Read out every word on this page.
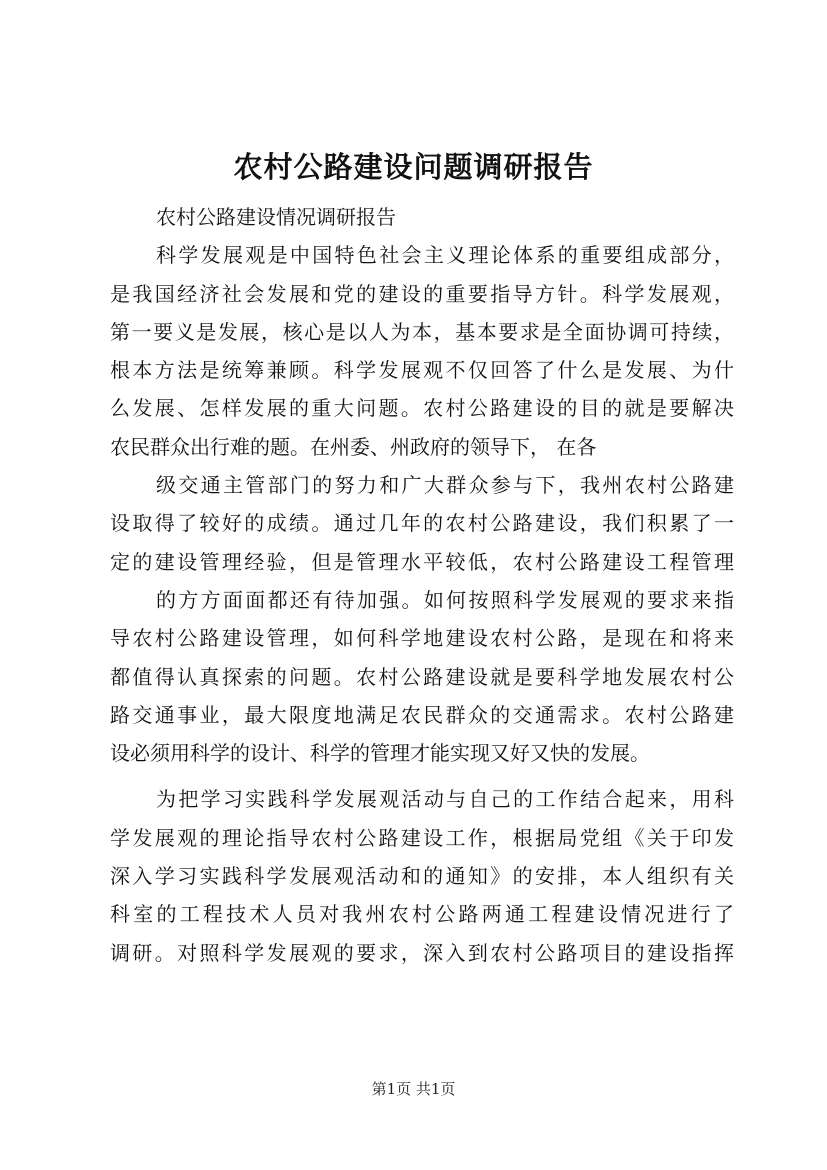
农村公路建设问题调研报告
农村公路建设情况调研报告
科学发展观是中国特色社会主义理论体系的重要组成部分，
是我国经济社会发展和党的建设的重要指导方针。科学发展观，
第一要义是发展，核心是以人为本，基本要求是全面协调可持续，
根本方法是统筹兼顾。科学发展观不仅回答了什么是发展、为什
么发展、怎样发展的重大问题。农村公路建设的目的就是要解决
农民群众出行难的题。在州委、州政府的领导下， 在各
级交通主管部门的努力和广大群众参与下，我州农村公路建
设取得了较好的成绩。通过几年的农村公路建设，我们积累了一
定的建设管理经验，但是管理水平较低，农村公路建设工程管理
的方方面面都还有待加强。如何按照科学发展观的要求来指
导农村公路建设管理，如何科学地建设农村公路，是现在和将来
都值得认真探索的问题。农村公路建设就是要科学地发展农村公
路交通事业，最大限度地满足农民群众的交通需求。农村公路建
设必须用科学的设计、科学的管理才能实现又好又快的发展。
为把学习实践科学发展观活动与自己的工作结合起来，用科
学发展观的理论指导农村公路建设工作，根据局党组《关于印发
深入学习实践科学发展观活动和的通知》的安排，本人组织有关
科室的工程技术人员对我州农村公路两通工程建设情况进行了
调研。对照科学发展观的要求，深入到农村公路项目的建设指挥
第1页 共1页
